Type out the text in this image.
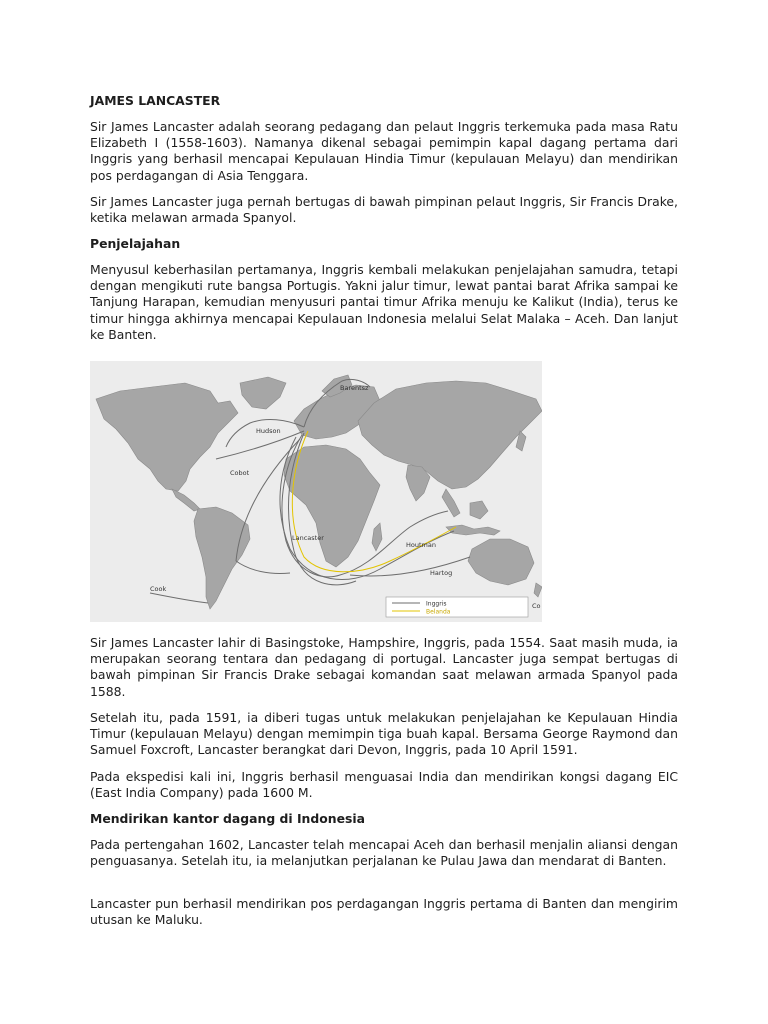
JAMES LANCASTER

Sir James Lancaster adalah seorang pedagang dan pelaut Inggris terkemuka pada masa Ratu Elizabeth I (1558-1603). Namanya dikenal sebagai pemimpin kapal dagang pertama dari Inggris yang berhasil mencapai Kepulauan Hindia Timur (kepulauan Melayu) dan mendirikan pos perdagangan di Asia Tenggara.

Sir James Lancaster juga pernah bertugas di bawah pimpinan pelaut Inggris, Sir Francis Drake, ketika melawan armada Spanyol.

Penjelajahan

Menyusul keberhasilan pertamanya, Inggris kembali melakukan penjelajahan samudra, tetapi dengan mengikuti rute bangsa Portugis. Yakni jalur timur, lewat pantai barat Afrika sampai ke Tanjung Harapan, kemudian menyusuri pantai timur Afrika menuju ke Kalikut (India), terus ke timur hingga akhirnya mencapai Kepulauan Indonesia melalui Selat Malaka – Aceh. Dan lanjut ke Banten.

Barentsz
Hudson
Cobot
Lancaster
Houtman
Hartog
Cook
Co
Inggris
Belanda

Sir James Lancaster lahir di Basingstoke, Hampshire, Inggris, pada 1554. Saat masih muda, ia merupakan seorang tentara dan pedagang di portugal. Lancaster juga sempat bertugas di bawah pimpinan Sir Francis Drake sebagai komandan saat melawan armada Spanyol pada 1588.

Setelah itu, pada 1591, ia diberi tugas untuk melakukan penjelajahan ke Kepulauan Hindia Timur (kepulauan Melayu) dengan memimpin tiga buah kapal. Bersama George Raymond dan Samuel Foxcroft, Lancaster berangkat dari Devon, Inggris, pada 10 April 1591.

Pada ekspedisi kali ini, Inggris berhasil menguasai India dan mendirikan kongsi dagang EIC (East India Company) pada 1600 M.

Mendirikan kantor dagang di Indonesia

Pada pertengahan 1602, Lancaster telah mencapai Aceh dan berhasil menjalin aliansi dengan penguasanya. Setelah itu, ia melanjutkan perjalanan ke Pulau Jawa dan mendarat di Banten.

Lancaster pun berhasil mendirikan pos perdagangan Inggris pertama di Banten dan mengirim utusan ke Maluku.
